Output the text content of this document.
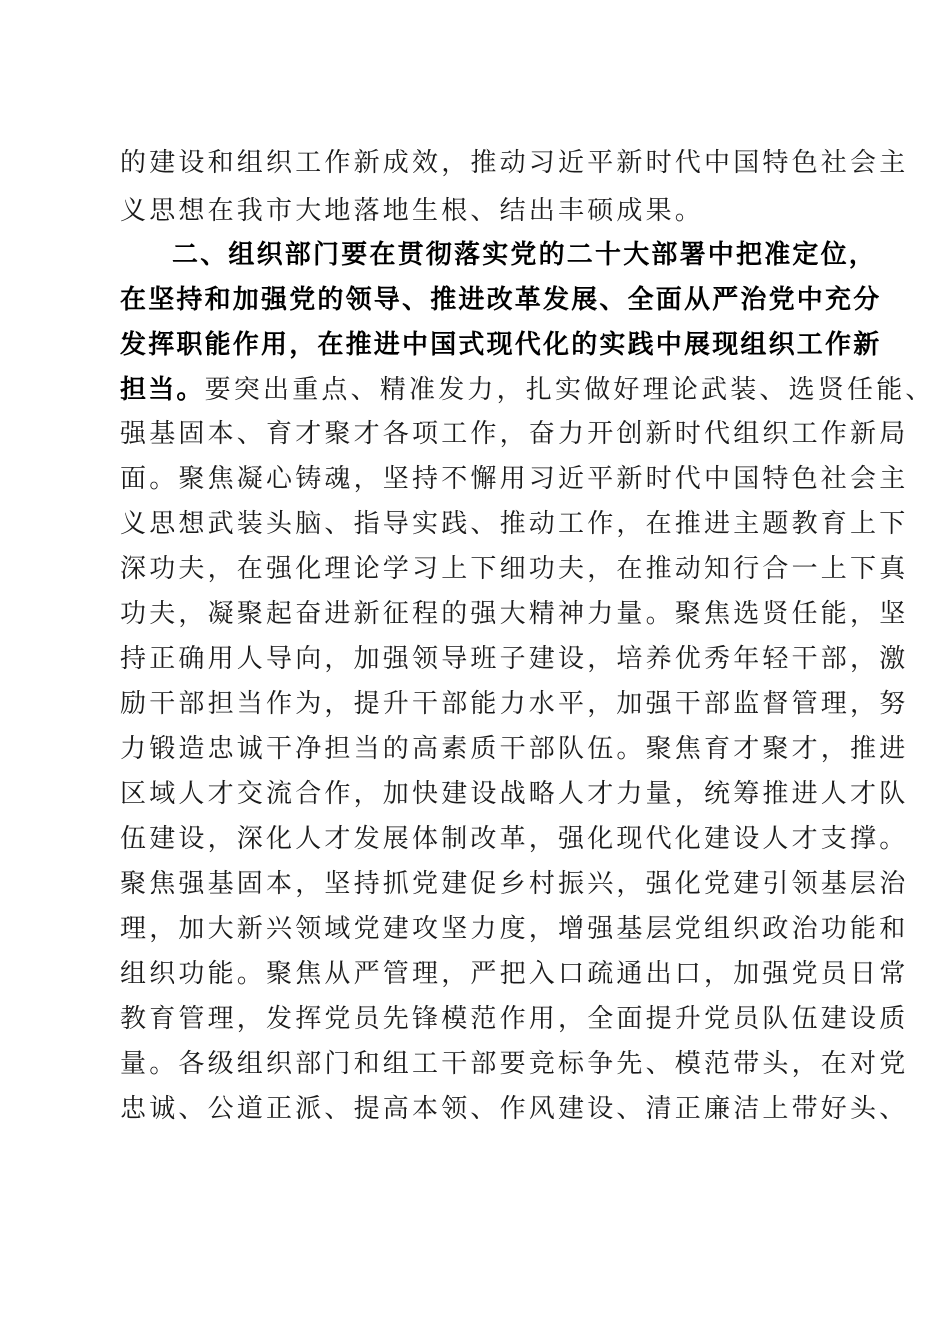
的建设和组织工作新成效，推动习近平新时代中国特色社会主
义思想在我市大地落地生根、结出丰硕成果。
二、组织部门要在贯彻落实党的二十大部署中把准定位，
在坚持和加强党的领导、推进改革发展、全面从严治党中充分
发挥职能作用，在推进中国式现代化的实践中展现组织工作新
担当。要突出重点、精准发力，扎实做好理论武装、选贤任能、
强基固本、育才聚才各项工作，奋力开创新时代组织工作新局
面。聚焦凝心铸魂，坚持不懈用习近平新时代中国特色社会主
义思想武装头脑、指导实践、推动工作，在推进主题教育上下
深功夫，在强化理论学习上下细功夫，在推动知行合一上下真
功夫，凝聚起奋进新征程的强大精神力量。聚焦选贤任能，坚
持正确用人导向，加强领导班子建设，培养优秀年轻干部，激
励干部担当作为，提升干部能力水平，加强干部监督管理，努
力锻造忠诚干净担当的高素质干部队伍。聚焦育才聚才，推进
区域人才交流合作，加快建设战略人才力量，统筹推进人才队
伍建设，深化人才发展体制改革，强化现代化建设人才支撑。
聚焦强基固本，坚持抓党建促乡村振兴，强化党建引领基层治
理，加大新兴领域党建攻坚力度，增强基层党组织政治功能和
组织功能。聚焦从严管理，严把入口疏通出口，加强党员日常
教育管理，发挥党员先锋模范作用，全面提升党员队伍建设质
量。各级组织部门和组工干部要竞标争先、模范带头，在对党
忠诚、公道正派、提高本领、作风建设、清正廉洁上带好头、
